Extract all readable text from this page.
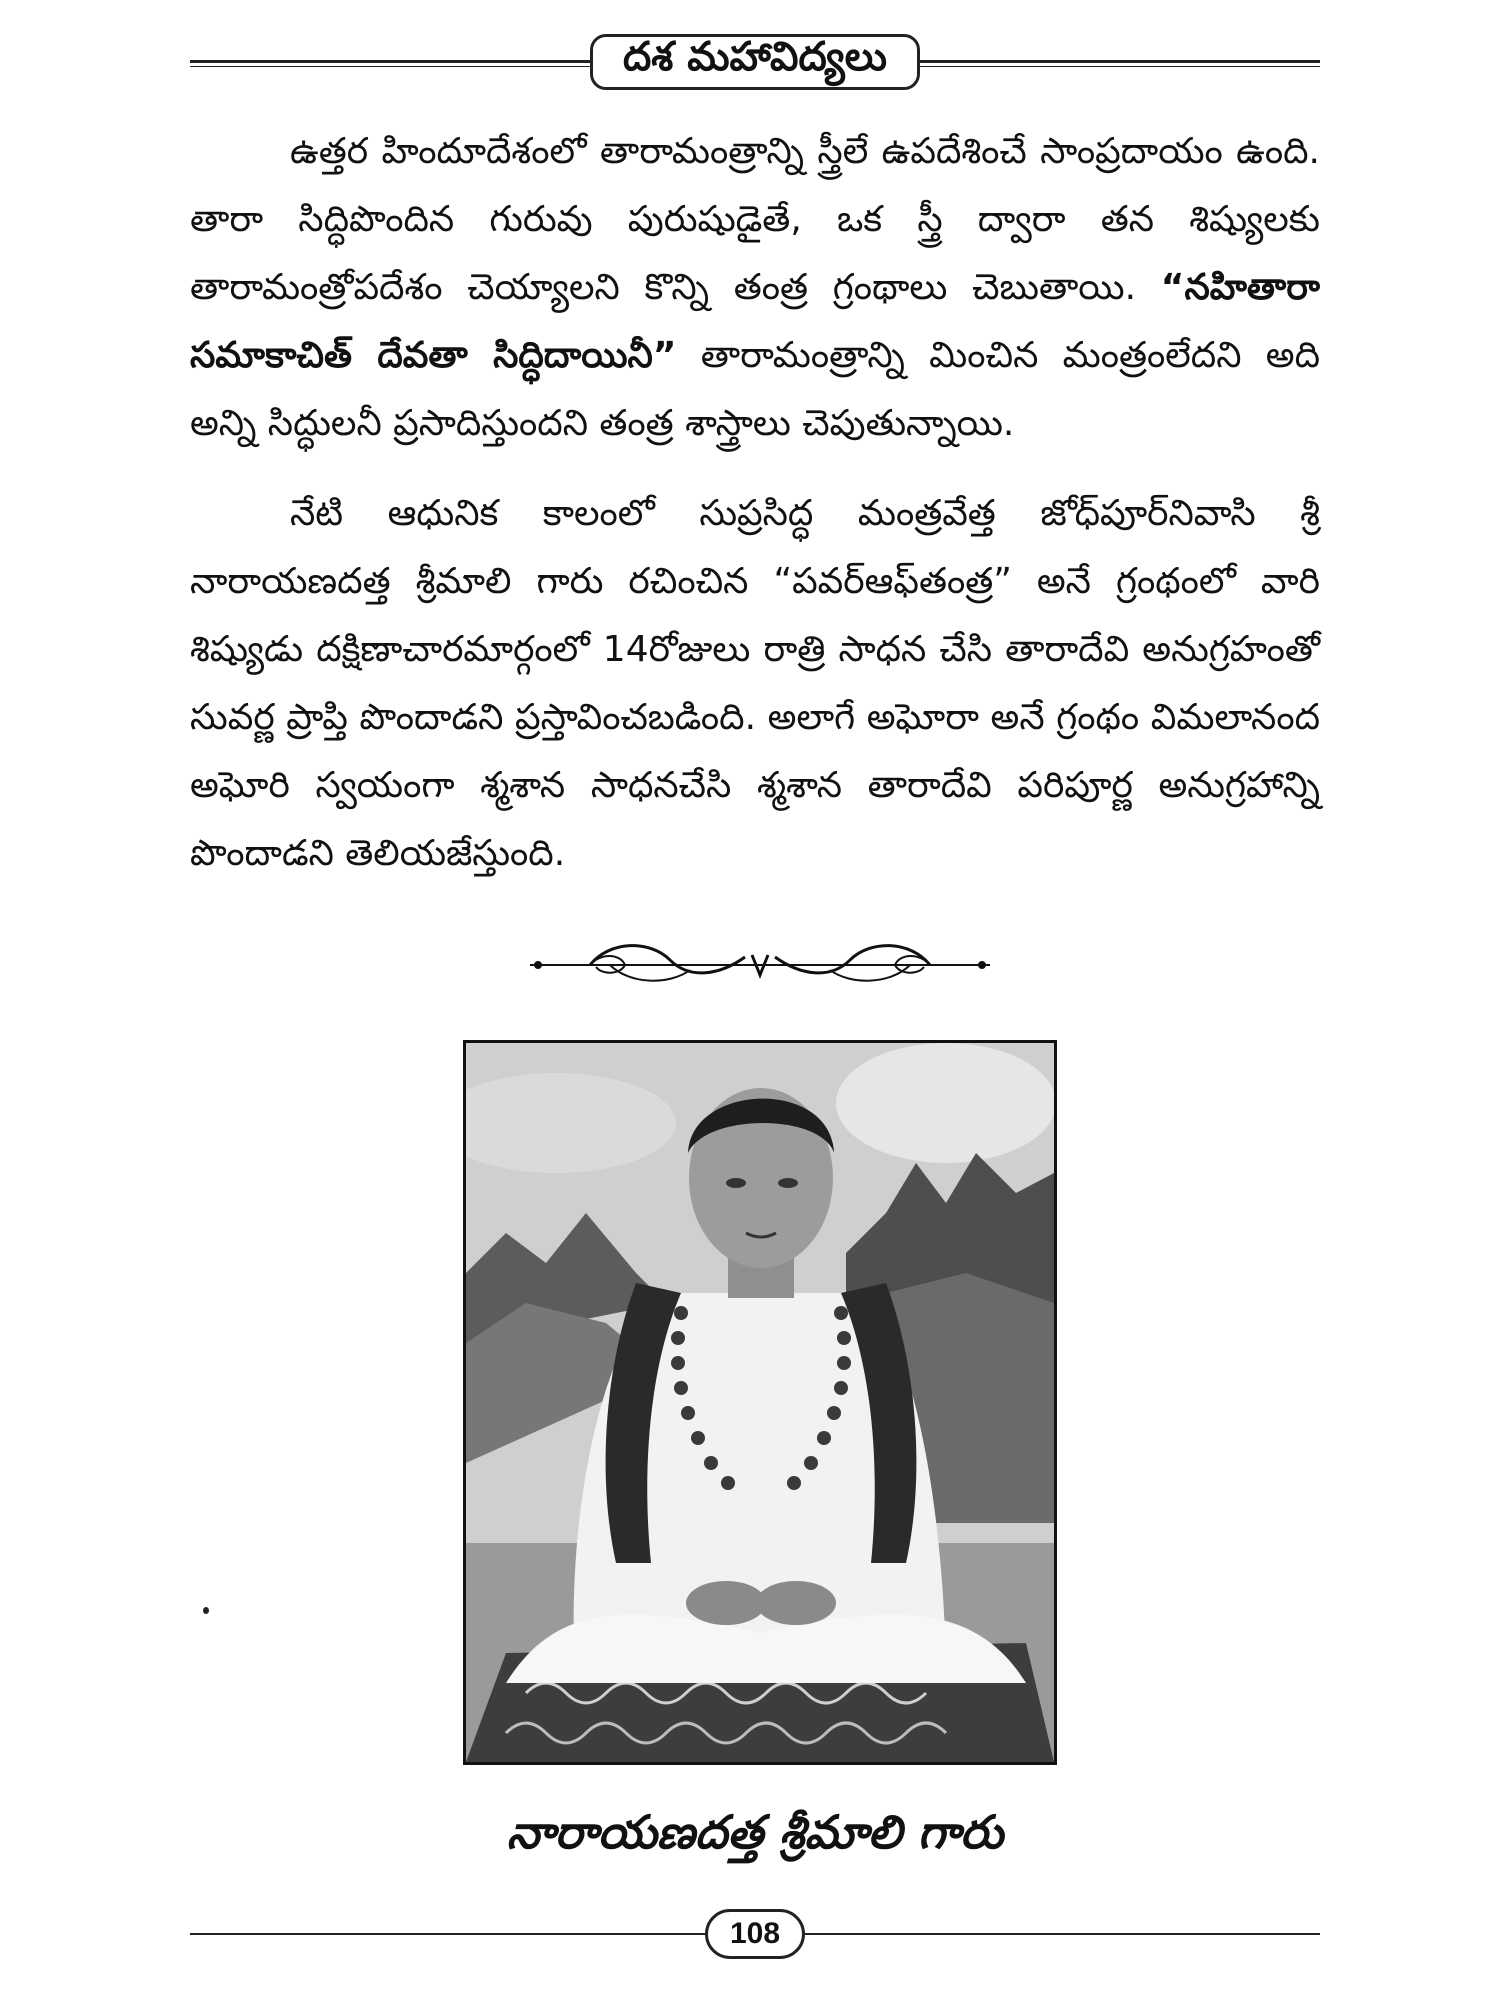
దశ మహావిద్యలు

ఉత్తర హిందూదేశంలో తారామంత్రాన్ని స్త్రీలే ఉపదేశించే సాంప్రదాయం ఉంది. తారా సిద్ధిపొందిన గురువు పురుషుడైతే, ఒక స్త్రీ ద్వారా తన శిష్యులకు తారామంత్రోపదేశం చెయ్యాలని కొన్ని తంత్ర గ్రంథాలు చెబుతాయి. “నహితారా సమాకాచిత్ దేవతా సిద్ధిదాయినీ” తారామంత్రాన్ని మించిన మంత్రంలేదని అది అన్ని సిద్ధులనీ ప్రసాదిస్తుందని తంత్ర శాస్త్రాలు చెపుతున్నాయి.

నేటి ఆధునిక కాలంలో సుప్రసిద్ధ మంత్రవేత్త జోధ్‌పూర్‌నివాసి శ్రీ నారాయణదత్త శ్రీమాలి గారు రచించిన “పవర్‌ఆఫ్‌తంత్ర” అనే గ్రంథంలో వారి శిష్యుడు దక్షిణాచారమార్గంలో 14రోజులు రాత్రి సాధన చేసి తారాదేవి అనుగ్రహంతో సువర్ణ ప్రాప్తి పొందాడని ప్రస్తావించబడింది. అలాగే అఘోరా అనే గ్రంథం విమలానంద అఘోరి స్వయంగా శ్మశాన సాధనచేసి శ్మశాన తారాదేవి పరిపూర్ణ అనుగ్రహాన్ని పొందాడని తెలియజేస్తుంది.

నారాయణదత్త శ్రీమాలి గారు
108
